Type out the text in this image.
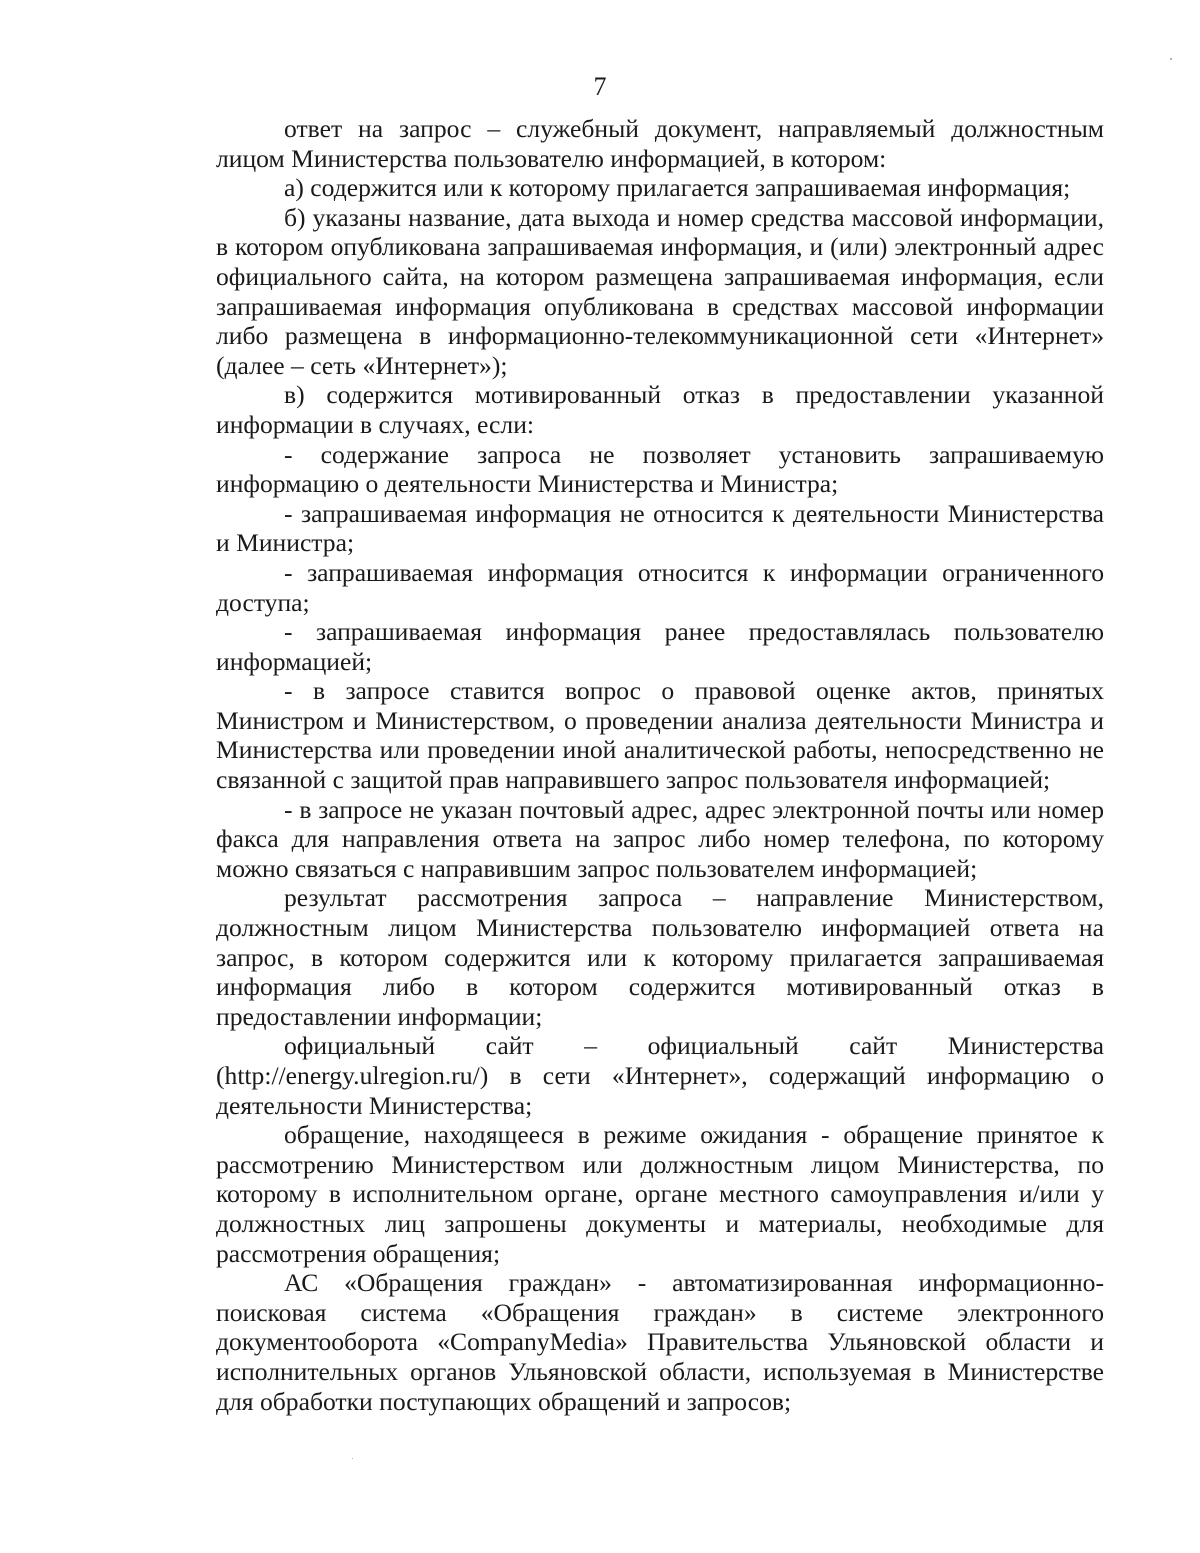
7

ответ на запрос – служебный документ, направляемый должностным лицом Министерства пользователю информацией, в котором:

а) содержится или к которому прилагается запрашиваемая информация;

б) указаны название, дата выхода и номер средства массовой информации, в котором опубликована запрашиваемая информация, и (или) электронный адрес официального сайта, на котором размещена запрашиваемая информация, если запрашиваемая информация опубликована в средствах массовой информации либо размещена в информационно-телекоммуникационной сети «Интернет» (далее – сеть «Интернет»);

в) содержится мотивированный отказ в предоставлении указанной информации в случаях, если:

- содержание запроса не позволяет установить запрашиваемую информацию о деятельности Министерства и Министра;

- запрашиваемая информация не относится к деятельности Министерства и Министра;

- запрашиваемая информация относится к информации ограниченного доступа;

- запрашиваемая информация ранее предоставлялась пользователю информацией;

- в запросе ставится вопрос о правовой оценке актов, принятых Министром и Министерством, о проведении анализа деятельности Министра и Министерства или проведении иной аналитической работы, непосредственно не связанной с защитой прав направившего запрос пользователя информацией;

- в запросе не указан почтовый адрес, адрес электронной почты или номер факса для направления ответа на запрос либо номер телефона, по которому можно связаться с направившим запрос пользователем информацией;

результат рассмотрения запроса – направление Министерством, должностным лицом Министерства пользователю информацией ответа на запрос, в котором содержится или к которому прилагается запрашиваемая информация либо в котором содержится мотивированный отказ в предоставлении информации;

официальный сайт – официальный сайт Министерства (http://energy.ulregion.ru/) в сети «Интернет», содержащий информацию о деятельности Министерства;

обращение, находящееся в режиме ожидания - обращение принятое к рассмотрению Министерством или должностным лицом Министерства, по которому в исполнительном органе, органе местного самоуправления и/или у должностных лиц запрошены документы и материалы, необходимые для рассмотрения обращения;

АС «Обращения граждан» - автоматизированная информационно-поисковая система «Обращения граждан» в системе электронного документооборота «CompanyMedia» Правительства Ульяновской области и исполнительных органов Ульяновской области, используемая в Министерстве для обработки поступающих обращений и запросов;
